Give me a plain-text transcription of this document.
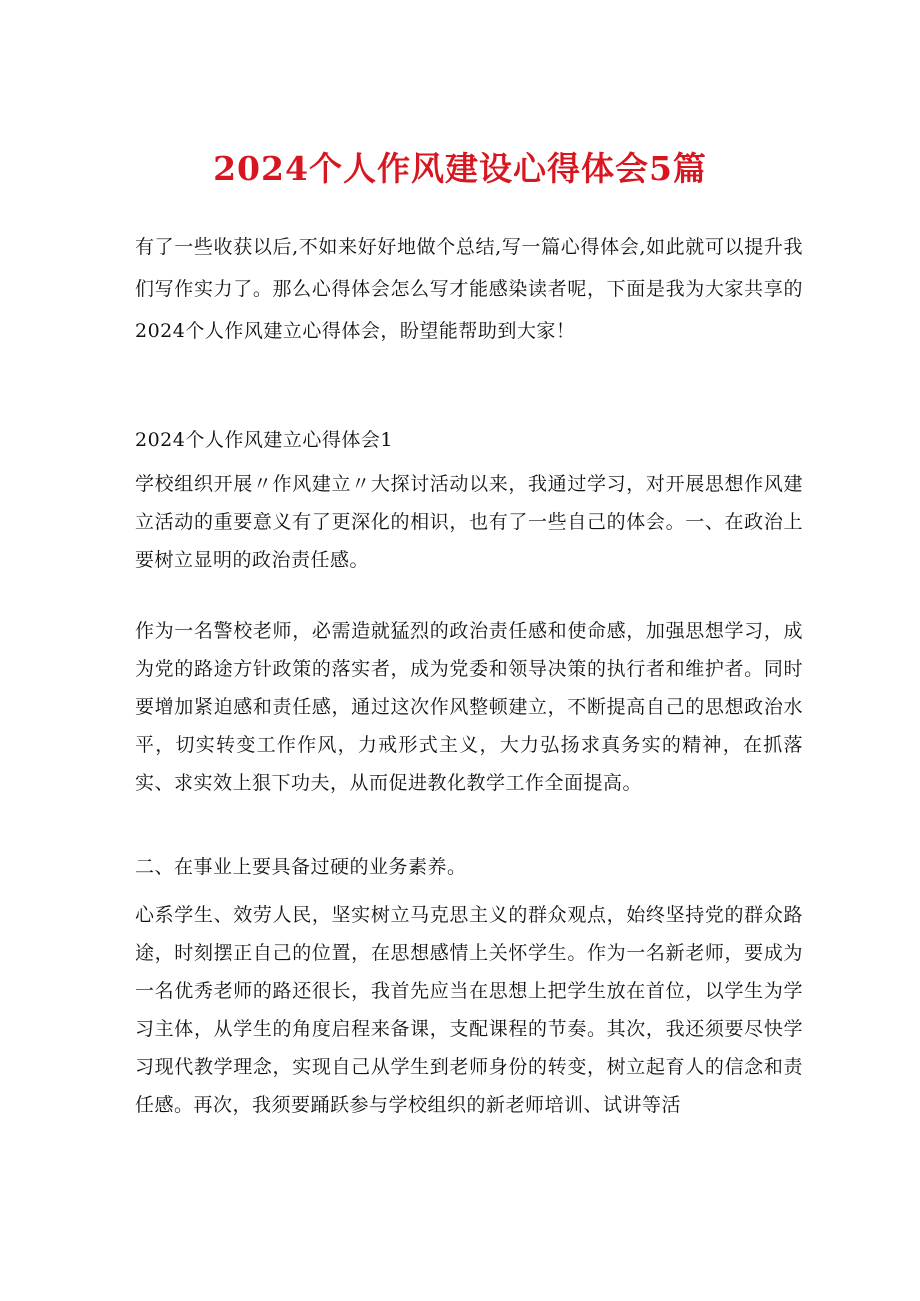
2024个人作风建设心得体会5篇

有了一些收获以后,不如来好好地做个总结,写一篇心得体会,如此就可以提升我们写作实力了。那么心得体会怎么写才能感染读者呢，下面是我为大家共享的2024个人作风建立心得体会，盼望能帮助到大家！

2024个人作风建立心得体会1

学校组织开展〃作风建立〃大探讨活动以来，我通过学习，对开展思想作风建立活动的重要意义有了更深化的相识，也有了一些自己的体会。一、在政治上要树立显明的政治责任感。

作为一名警校老师，必需造就猛烈的政治责任感和使命感，加强思想学习，成为党的路途方针政策的落实者，成为党委和领导决策的执行者和维护者。同时要增加紧迫感和责任感，通过这次作风整顿建立，不断提高自己的思想政治水平，切实转变工作作风，力戒形式主义，大力弘扬求真务实的精神，在抓落实、求实效上狠下功夫，从而促进教化教学工作全面提高。

二、在事业上要具备过硬的业务素养。

心系学生、效劳人民，坚实树立马克思主义的群众观点，始终坚持党的群众路途，时刻摆正自己的位置，在思想感情上关怀学生。作为一名新老师，要成为一名优秀老师的路还很长，我首先应当在思想上把学生放在首位，以学生为学习主体，从学生的角度启程来备课，支配课程的节奏。其次，我还须要尽快学习现代教学理念，实现自己从学生到老师身份的转变，树立起育人的信念和责任感。再次，我须要踊跃参与学校组织的新老师培训、试讲等活
